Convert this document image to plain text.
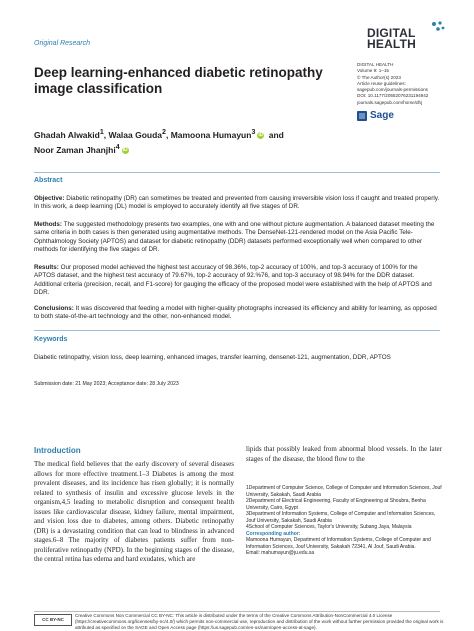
Original Research
DIGITAL
HEALTH
DIGITAL HEALTH
Volume 9: 1–15
© The Author(s) 2023
Article reuse guidelines:
sagepub.com/journals-permissions
DOI: 10.1177/20552076231194942
journals.sagepub.com/home/dhj
Sage
Deep learning-enhanced diabetic retinopathy image classification
Ghadah Alwakid$^1$, Walaa Gouda$^2$, Mamoona Humayun$^3$ iD and
Noor Zaman Jhanjhi$^4$ iD
Abstract
Objective: Diabetic retinopathy (DR) can sometimes be treated and prevented from causing irreversible vision loss if caught and treated properly. In this work, a deep learning (DL) model is employed to accurately identify all five stages of DR.
Methods: The suggested methodology presents two examples, one with and one without picture augmentation. A balanced dataset meeting the same criteria in both cases is then generated using augmentative methods. The DenseNet-121-rendered model on the Asia Pacific Tele-Ophthalmology Society (APTOS) and dataset for diabetic retinopathy (DDR) datasets performed exceptionally well when compared to other methods for identifying the five stages of DR.
Results: Our proposed model achieved the highest test accuracy of 98.36%, top-2 accuracy of 100%, and top-3 accuracy of 100% for the APTOS dataset, and the highest test accuracy of 79.67%, top-2 accuracy of 92.%76, and top-3 accuracy of 98.94% for the DDR dataset. Additional criteria (precision, recall, and F1-score) for gauging the efficacy of the proposed model were established with the help of APTOS and DDR.
Conclusions: It was discovered that feeding a model with higher-quality photographs increased its efficiency and ability for learning, as opposed to both state-of-the-art technology and the other, non-enhanced model.
Keywords
Diabetic retinopathy, vision loss, deep learning, enhanced images, transfer learning, densenet-121, augmentation, DDR, APTOS
Submission date: 21 May 2023; Acceptance date: 28 July 2023
Introduction
The medical field believes that the early discovery of several diseases allows for more effective treatment.1–3 Diabetes is among the most prevalent diseases, and its incidence has risen globally; it is normally related to synthesis of insulin and excessive glucose levels in the organism,4,5 leading to metabolic disruption and consequent health issues like cardiovascular disease, kidney failure, mental impairment, and vision loss due to diabetes, among others. Diabetic retinopathy (DR) is a devastating condition that can lead to blindness in advanced stages.6–8 The majority of diabetes patients suffer from non-proliferative retinopathy (NPD). In the beginning stages of the disease, the central retina has edema and hard exudates, which are
lipids that possibly leaked from abnormal blood vessels. In the later stages of the disease, the blood flow to the
1Department of Computer Science, College of Computer and Information Sciences, Jouf University, Sakakah, Saudi Arabia
2Department of Electrical Engineering, Faculty of Engineering at Shoubra, Benha University, Cairo, Egypt
3Department of Information Systems, College of Computer and Information Sciences, Jouf University, Sakakah, Saudi Arabia
4School of Computer Sciences, Taylor's University, Subang Jaya, Malaysia
Corresponding author:
Mamoona Humayun, Department of Information Systems, College of Computer and Information Sciences, Jouf University, Sakakah 72341, Al Jouf, Saudi Arabia.
Email: mahumayun@ju.edu.sa
CC BY-NC
Creative Commons Non Commercial CC BY-NC: This article is distributed under the terms of the Creative Commons Attribution-NonCommercial 4.0 License (https://creativecommons.org/licenses/by-nc/4.0/) which permits non-commercial use, reproduction and distribution of the work without further permission provided the original work is attributed as specified on the SAGE and Open Access page (https://us.sagepub.com/en-us/nam/open-access-at-sage).
